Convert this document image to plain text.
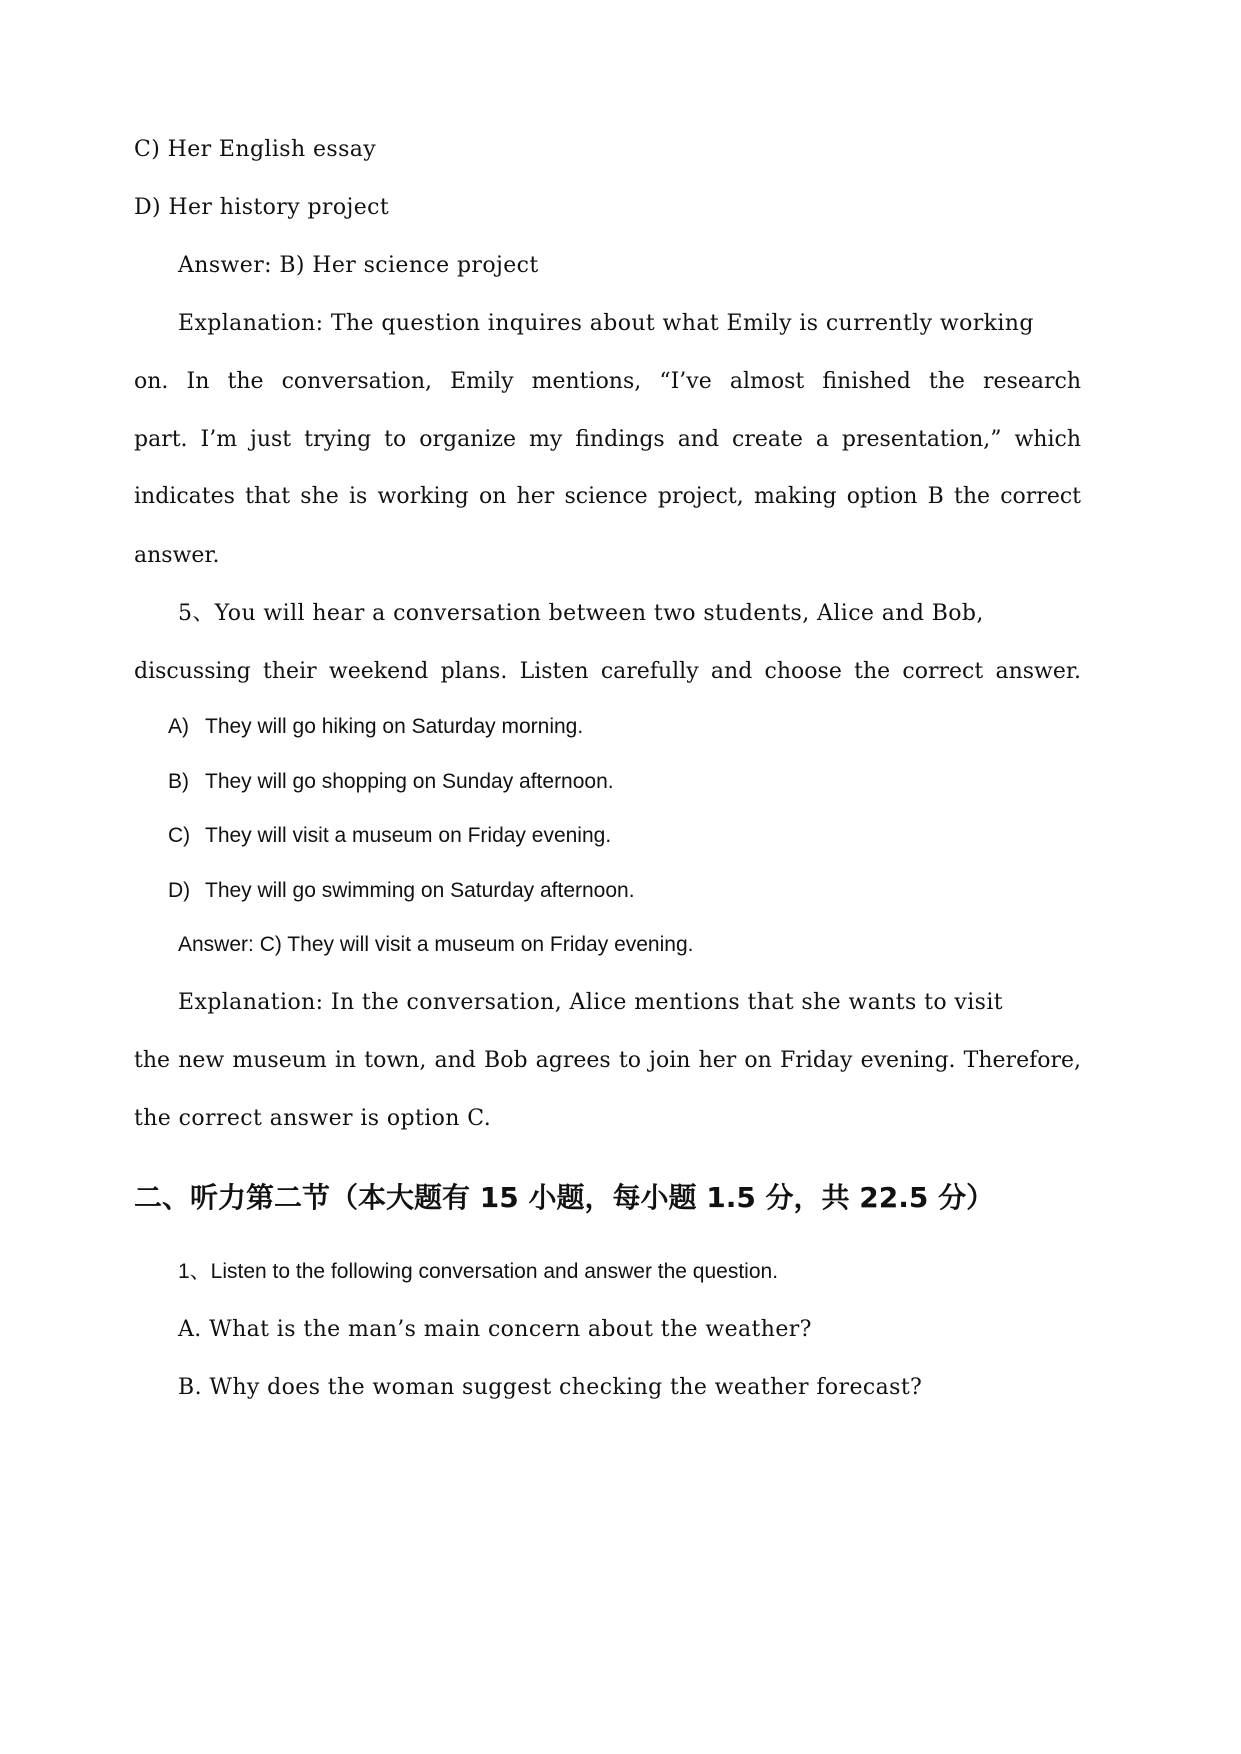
C) Her English essay
D) Her history project
Answer: B) Her science project
Explanation: The question inquires about what Emily is currently working
on. In the conversation, Emily mentions, “I’ve almost finished the research
part. I’m just trying to organize my findings and create a presentation,” which
indicates that she is working on her science project, making option B the correct
answer.
5、You will hear a conversation between two students, Alice and Bob,
discussing their weekend plans. Listen carefully and choose the correct answer.
A) They will go hiking on Saturday morning.
B) They will go shopping on Sunday afternoon.
C) They will visit a museum on Friday evening.
D) They will go swimming on Saturday afternoon.
Answer: C) They will visit a museum on Friday evening.
Explanation: In the conversation, Alice mentions that she wants to visit
the new museum in town, and Bob agrees to join her on Friday evening. Therefore,
the correct answer is option C.
二、听力第二节（本大题有 15 小题，每小题 1.5 分，共 22.5 分）
1、Listen to the following conversation and answer the question.
A. What is the man’s main concern about the weather?
B. Why does the woman suggest checking the weather forecast?
